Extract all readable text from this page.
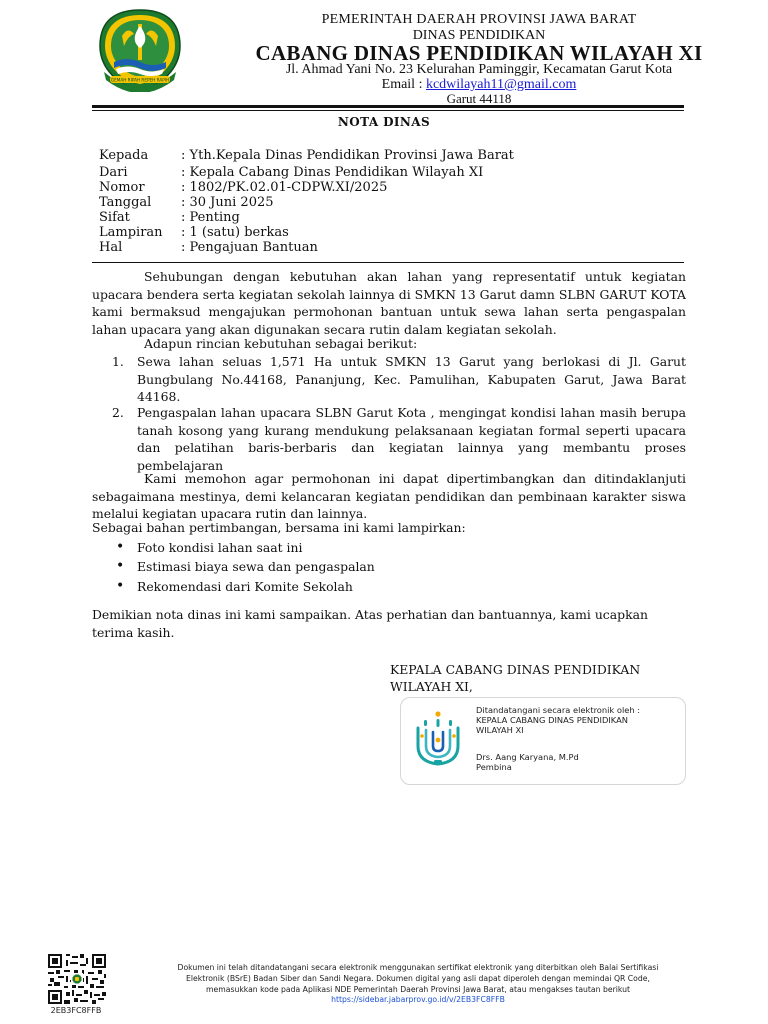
GEMAH RIPAH REPEH RAPIH
PEMERINTAH DAERAH PROVINSI JAWA BARAT
DINAS PENDIDIKAN
CABANG DINAS PENDIDIKAN WILAYAH XI
Jl. Ahmad Yani No. 23 Kelurahan Paminggir, Kecamatan Garut Kota
Email : kcdwilayah11@gmail.com
Garut 44118
NOTA DINAS
Kepada	: Yth.Kepala Dinas Pendidikan Provinsi Jawa Barat
Dari	: Kepala Cabang Dinas Pendidikan Wilayah XI
Nomor	: 1802/PK.02.01-CDPW.XI/2025
Tanggal : 30 Juni 2025
Sifat	: Penting
Lampiran : 1 (satu) berkas
Hal	: Pengajuan Bantuan
Sehubungan dengan kebutuhan akan lahan yang representatif untuk kegiatan upacara bendera serta kegiatan sekolah lainnya di SMKN 13 Garut damn SLBN GARUT KOTA kami bermaksud mengajukan permohonan bantuan untuk sewa lahan serta pengaspalan lahan upacara yang akan digunakan secara rutin dalam kegiatan sekolah.
Adapun rincian kebutuhan sebagai berikut:
1. Sewa lahan seluas 1,571 Ha untuk SMKN 13 Garut yang berlokasi di Jl. Garut Bungbulang No.44168, Pananjung, Kec. Pamulihan, Kabupaten Garut, Jawa Barat 44168.
2. Pengaspalan lahan upacara SLBN Garut Kota , mengingat kondisi lahan masih berupa tanah kosong yang kurang mendukung pelaksanaan kegiatan formal seperti upacara dan pelatihan baris-berbaris dan kegiatan lainnya yang membantu proses pembelajaran
Kami memohon agar permohonan ini dapat dipertimbangkan dan ditindaklanjuti sebagaimana mestinya, demi kelancaran kegiatan pendidikan dan pembinaan karakter siswa melalui kegiatan upacara rutin dan lainnya.
Sebagai bahan pertimbangan, bersama ini kami lampirkan:
• Foto kondisi lahan saat ini
• Estimasi biaya sewa dan pengaspalan
• Rekomendasi dari Komite Sekolah
Demikian nota dinas ini kami sampaikan. Atas perhatian dan bantuannya, kami ucapkan terima kasih.
KEPALA CABANG DINAS PENDIDIKAN
WILAYAH XI,
Ditandatangani secara elektronik oleh :
KEPALA CABANG DINAS PENDIDIKAN
WILAYAH XI
Drs. Aang Karyana, M.Pd
Pembina
2EB3FC8FFB
Dokumen ini telah ditandatangani secara elektronik menggunakan sertifikat elektronik yang diterbitkan oleh Balai Sertifikasi
Elektronik (BSrE) Badan Siber dan Sandi Negara. Dokumen digital yang asli dapat diperoleh dengan memindai QR Code,
memasukkan kode pada Aplikasi NDE Pemerintah Daerah Provinsi Jawa Barat, atau mengakses tautan berikut
https://sidebar.jabarprov.go.id/v/2EB3FC8FFB
